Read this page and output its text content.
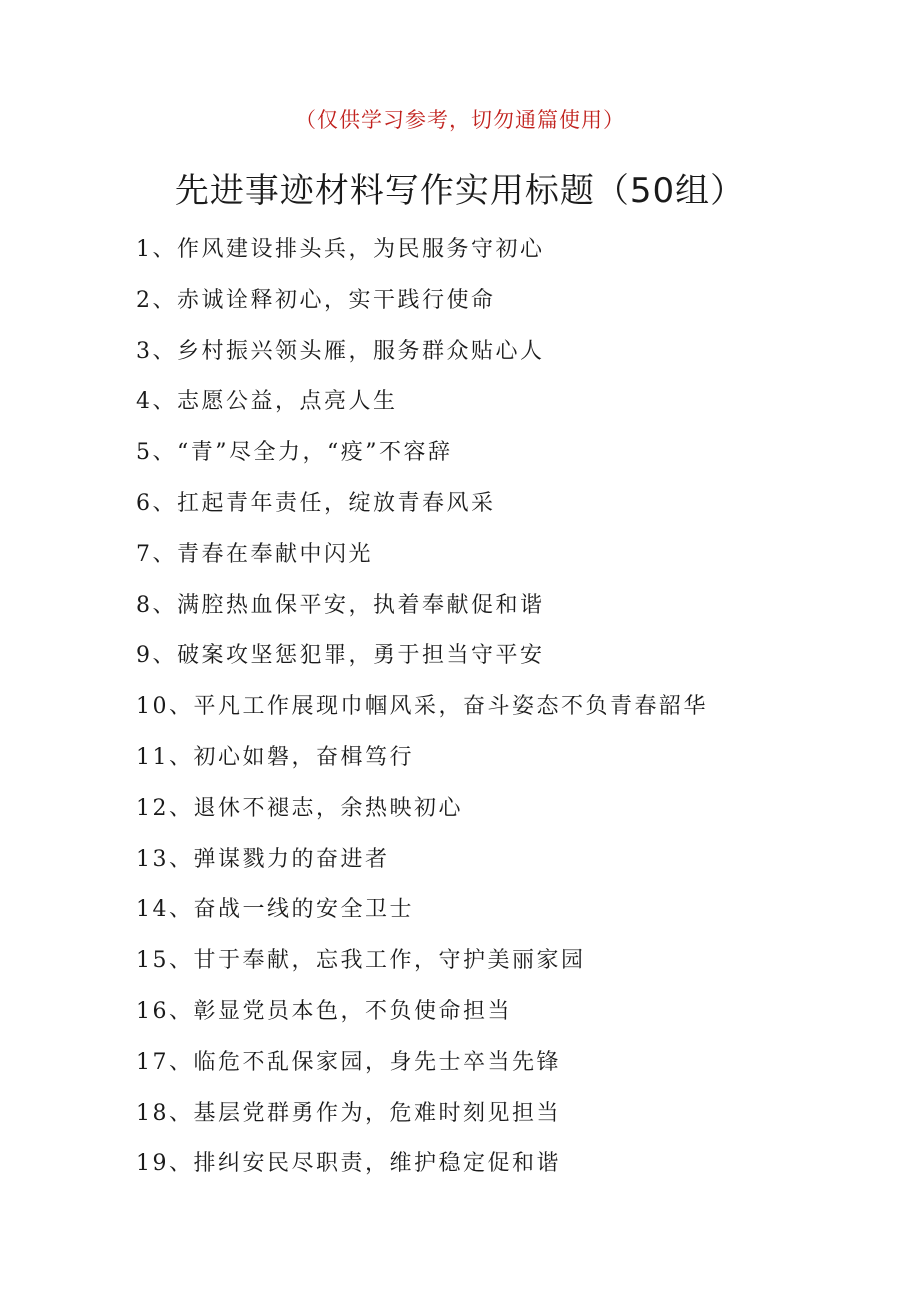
（仅供学习参考，切勿通篇使用）
先进事迹材料写作实用标题（50组）
1、作风建设排头兵，为民服务守初心
2、赤诚诠释初心，实干践行使命
3、乡村振兴领头雁，服务群众贴心人
4、志愿公益，点亮人生
5、“青”尽全力，“疫”不容辞
6、扛起青年责任，绽放青春风采
7、青春在奉献中闪光
8、满腔热血保平安，执着奉献促和谐
9、破案攻坚惩犯罪，勇于担当守平安
10、平凡工作展现巾帼风采，奋斗姿态不负青春韶华
11、初心如磐，奋楫笃行
12、退休不褪志，余热映初心
13、弹谋戮力的奋进者
14、奋战一线的安全卫士
15、甘于奉献，忘我工作，守护美丽家园
16、彰显党员本色，不负使命担当
17、临危不乱保家园，身先士卒当先锋
18、基层党群勇作为，危难时刻见担当
19、排纠安民尽职责，维护稳定促和谐
